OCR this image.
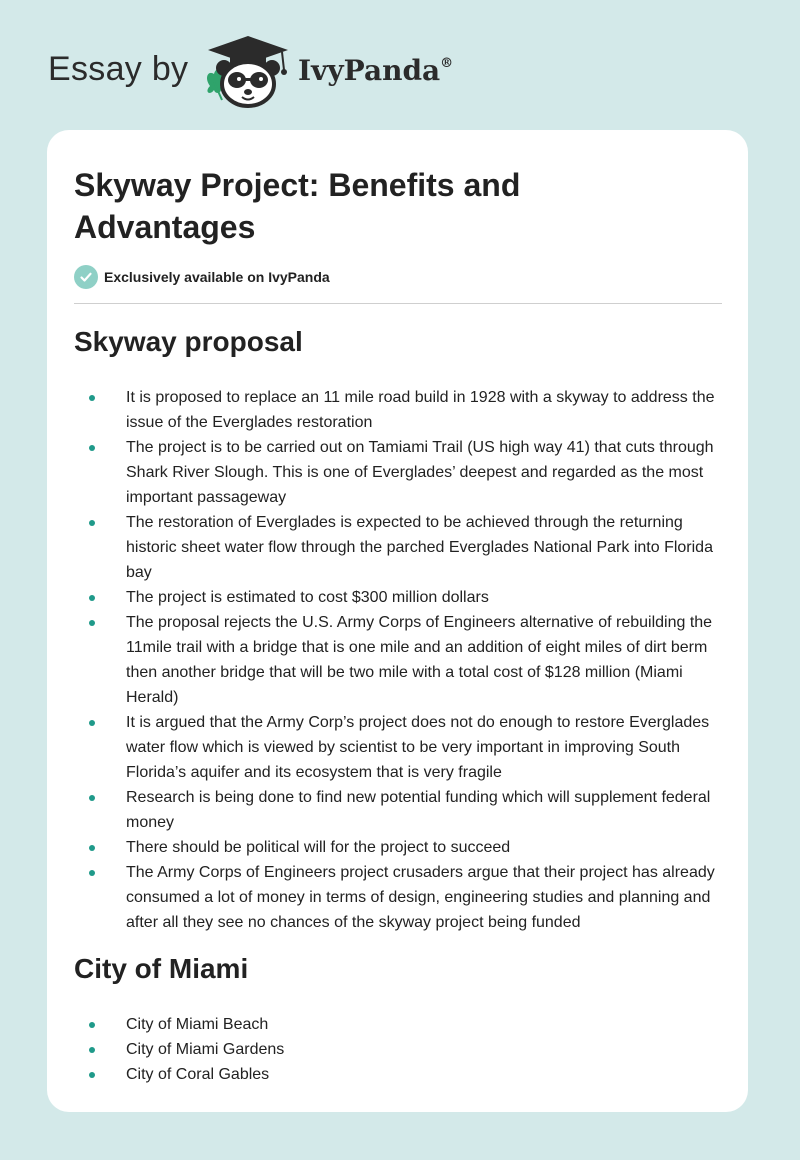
Essay by	IvyPanda®
Skyway Project: Benefits and Advantages
Exclusively available on IvyPanda
Skyway proposal
It is proposed to replace an 11 mile road build in 1928 with a skyway to address the issue of the Everglades restoration
The project is to be carried out on Tamiami Trail (US high way 41) that cuts through Shark River Slough. This is one of Everglades’ deepest and regarded as the most important passageway
The restoration of Everglades is expected to be achieved through the returning historic sheet water flow through the parched Everglades National Park into Florida bay
The project is estimated to cost $300 million dollars
The proposal rejects the U.S. Army Corps of Engineers alternative of rebuilding the 11mile trail with a bridge that is one mile and an addition of eight miles of dirt berm then another bridge that will be two mile with a total cost of $128 million (Miami Herald)
It is argued that the Army Corp’s project does not do enough to restore Everglades water flow which is viewed by scientist to be very important in improving South Florida’s aquifer and its ecosystem that is very fragile
Research is being done to find new potential funding which will supplement federal money
There should be political will for the project to succeed
The Army Corps of Engineers project crusaders argue that their project has already consumed a lot of money in terms of design, engineering studies and planning and after all they see no chances of the skyway project being funded
City of Miami
City of Miami Beach
City of Miami Gardens
City of Coral Gables
